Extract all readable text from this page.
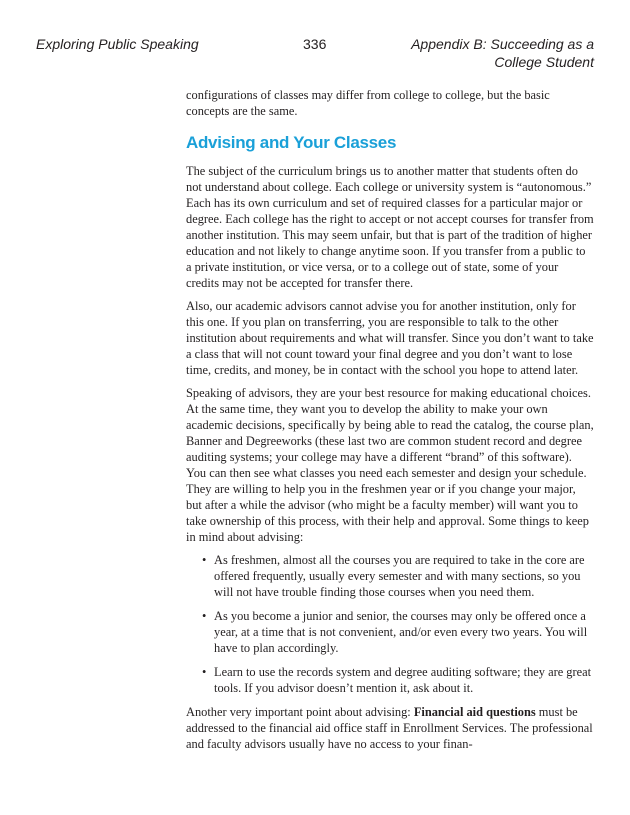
Exploring Public Speaking	336	Appendix B: Succeeding as a
College Student

configurations of classes may differ from college to college, but the basic concepts are the same.

Advising and Your Classes

The subject of the curriculum brings us to another matter that students often do not understand about college. Each college or university system is “autonomous.” Each has its own curriculum and set of required classes for a particular major or degree. Each college has the right to accept or not accept courses for transfer from another institution. This may seem unfair, but that is part of the tradition of higher education and not likely to change anytime soon. If you transfer from a public to a private institution, or vice versa, or to a college out of state, some of your credits may not be accepted for transfer there.

Also, our academic advisors cannot advise you for another institution, only for this one. If you plan on transferring, you are responsible to talk to the other institution about requirements and what will transfer. Since you don’t want to take a class that will not count toward your final degree and you don’t want to lose time, credits, and money, be in contact with the school you hope to attend later.

Speaking of advisors, they are your best resource for making educational choices. At the same time, they want you to develop the ability to make your own academic decisions, specifically by being able to read the catalog, the course plan, Banner and Degreeworks (these last two are common student record and degree auditing systems; your college may have a different “brand” of this software). You can then see what classes you need each semester and design your schedule. They are willing to help you in the freshmen year or if you change your major, but after a while the advisor (who might be a faculty member) will want you to take ownership of this process, with their help and approval. Some things to keep in mind about advising:

• As freshmen, almost all the courses you are required to take in the core are offered frequently, usually every semester and with many sections, so you will not have trouble finding those courses when you need them.
• As you become a junior and senior, the courses may only be offered once a year, at a time that is not convenient, and/or even every two years. You will have to plan accordingly.
• Learn to use the records system and degree auditing software; they are great tools. If you advisor doesn’t mention it, ask about it.

Another very important point about advising: Financial aid questions must be addressed to the financial aid office staff in Enrollment Services. The professional and faculty advisors usually have no access to your finan-
